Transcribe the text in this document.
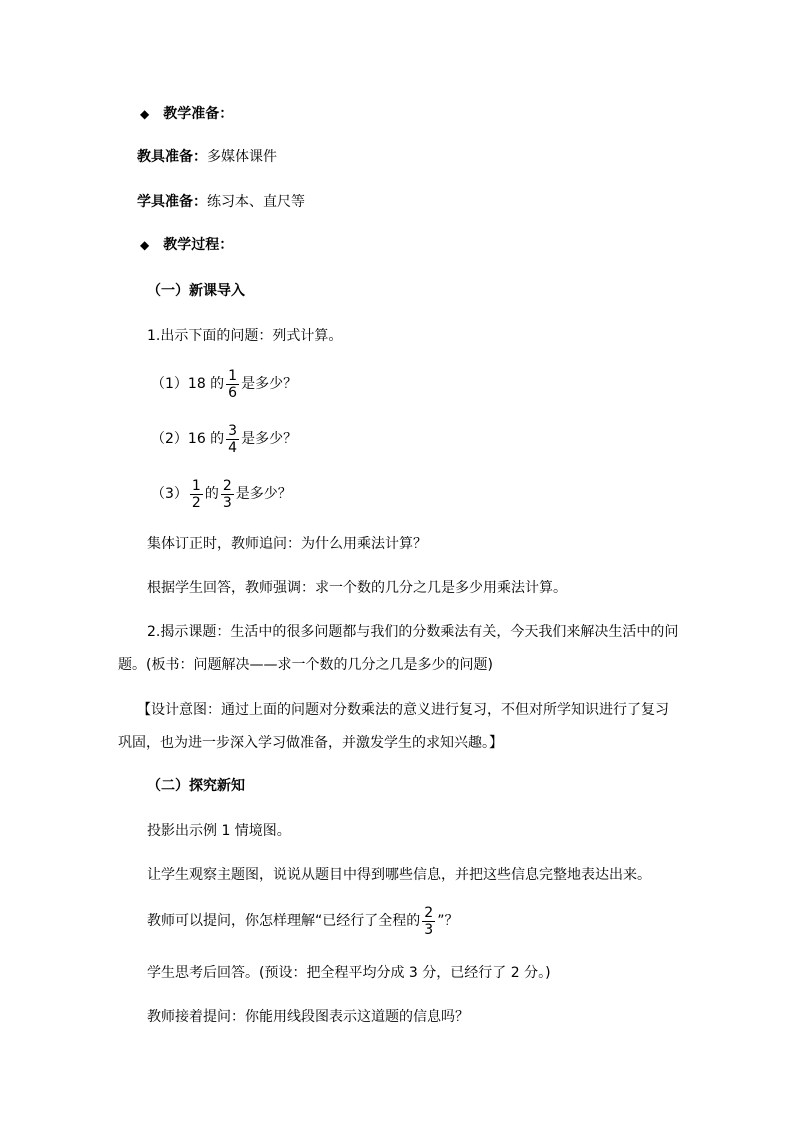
◆ 教学准备：
教具准备：多媒体课件
学具准备：练习本、直尺等
◆ 教学过程：
（一）新课导入
1.出示下面的问题：列式计算。
（1）18 的 $\frac{1}{6}$ 是多少？
（2）16 的 $\frac{3}{4}$ 是多少？
$(3) \frac{1}{2}$ 的 $\frac{2}{3}$ 是多少？
集体订正时，教师追问：为什么用乘法计算？
根据学生回答，教师强调：求一个数的几分之几是多少用乘法计算。
2.揭示课题：生活中的很多问题都与我们的分数乘法有关，今天我们来解决生活中的问
题。(板书：问题解决——求一个数的几分之几是多少的问题)
【设计意图：通过上面的问题对分数乘法的意义进行复习，不但对所学知识进行了复习
巩固，也为进一步深入学习做准备，并激发学生的求知兴趣。】
（二）探究新知
投影出示例 1 情境图。
让学生观察主题图，说说从题目中得到哪些信息，并把这些信息完整地表达出来。
教师可以提问，你怎样理解“已经行了全程的 $\frac{2}{3}$ ”？
学生思考后回答。(预设：把全程平均分成 3 分，已经行了 2 分。)
教师接着提问：你能用线段图表示这道题的信息吗？
